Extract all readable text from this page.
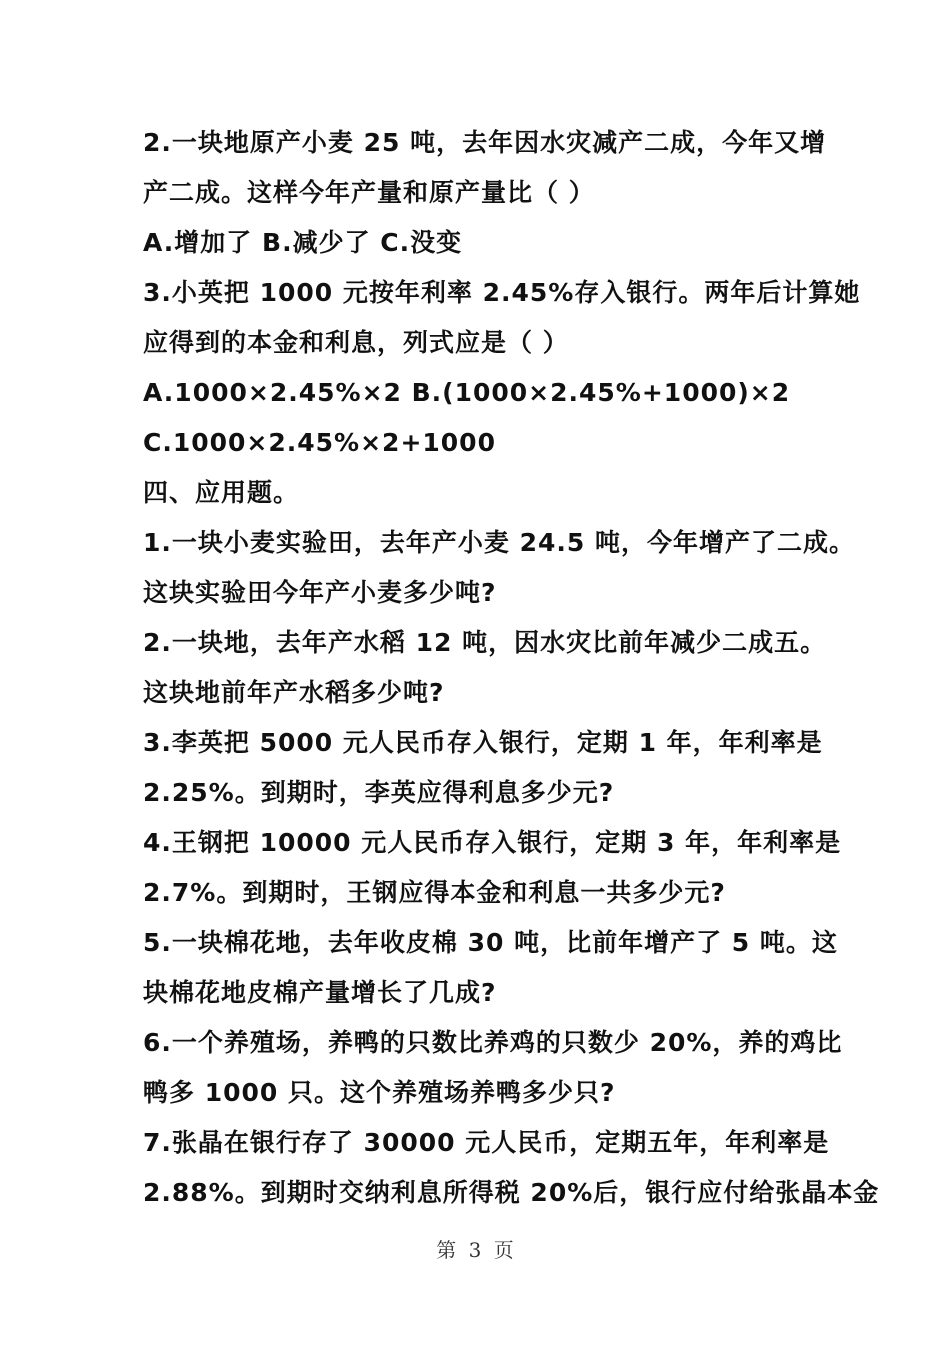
2.一块地原产小麦 25 吨，去年因水灾减产二成，今年又增
产二成。这样今年产量和原产量比（ ）
A.增加了 B.减少了 C.没变
3.小英把 1000 元按年利率 2.45%存入银行。两年后计算她
应得到的本金和利息，列式应是（ ）
A.1000×2.45%×2 B.(1000×2.45%+1000)×2
C.1000×2.45%×2+1000
四、应用题。
1.一块小麦实验田，去年产小麦 24.5 吨，今年增产了二成。
这块实验田今年产小麦多少吨?
2.一块地，去年产水稻 12 吨，因水灾比前年减少二成五。
这块地前年产水稻多少吨?
3.李英把 5000 元人民币存入银行，定期 1 年，年利率是
2.25%。到期时，李英应得利息多少元?
4.王钢把 10000 元人民币存入银行，定期 3 年，年利率是
2.7%。到期时，王钢应得本金和利息一共多少元?
5.一块棉花地，去年收皮棉 30 吨，比前年增产了 5 吨。这
块棉花地皮棉产量增长了几成?
6.一个养殖场，养鸭的只数比养鸡的只数少 20%，养的鸡比
鸭多 1000 只。这个养殖场养鸭多少只?
7.张晶在银行存了 30000 元人民币，定期五年，年利率是
2.88%。到期时交纳利息所得税 20%后，银行应付给张晶本金
第 3 页
